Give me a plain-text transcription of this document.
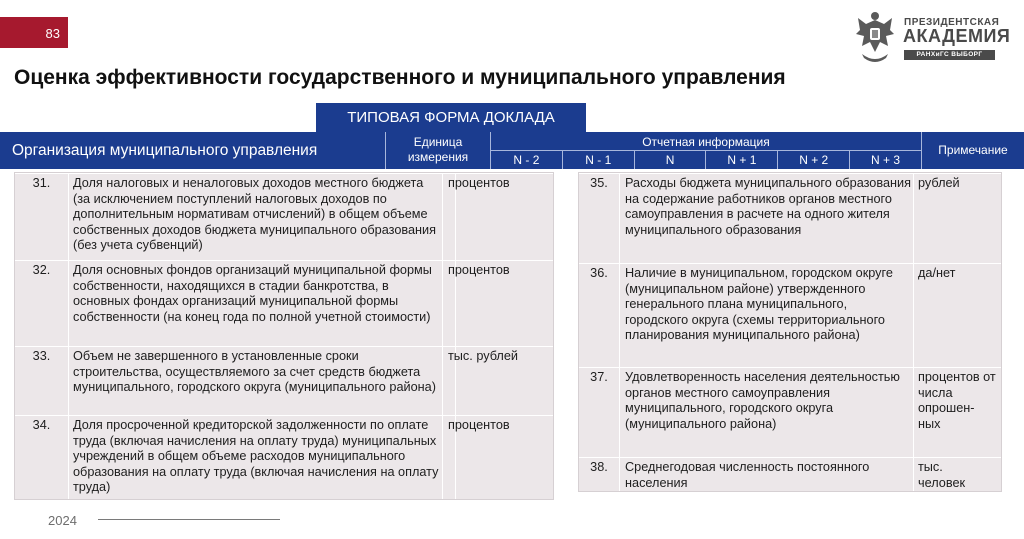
83
ПРЕЗИДЕНТСКАЯ
АКАДЕМИЯ
РАНХиГС ВЫБОРГ
Оценка эффективности государственного и муниципального управления
ТИПОВАЯ ФОРМА ДОКЛАДА
Организация муниципального управления	Единица
измерения
Отчетная информация
N - 2	N - 1	N	N + 1	N + 2	N + 3
Примечание
31.	Доля налоговых и неналоговых доходов местного бюджета (за исключением поступлений налоговых доходов по дополнительным нормативам отчислений) в общем объеме собственных доходов бюджета муниципального образования (без учета субвенций)
процентов
32.	Доля основных фондов организаций муниципальной формы собственности, находящихся в стадии банкротства, в основных фондах организаций муниципальной формы собственности (на конец года по полной учетной стоимости)
процентов
33.	Объем не завершенного в установленные сроки строительства, осуществляемого за счет средств бюджета муниципального, городского округа (муниципального района)
тыс. рублей
34.	Доля просроченной кредиторской задолженности по оплате труда (включая начисления на оплату труда) муниципальных учреждений в общем объеме расходов муниципального образования на оплату труда (включая начисления на оплату труда)
процентов
35.	Расходы бюджета муниципального образования на содержание работников органов местного самоуправления в расчете на одного жителя муниципального образования
рублей
36.	Наличие в муниципальном, городском округе (муниципальном районе) утвержденного генерального плана муниципального, городского округа (схемы территориального планирования муниципального района)
да/нет
37.	Удовлетворенность населения деятельностью органов местного самоуправления муниципального, городского округа (муниципального района)
процентов от числа опрошен-ных
38.	Среднегодовая численность постоянного населения
тыс. человек
2024
